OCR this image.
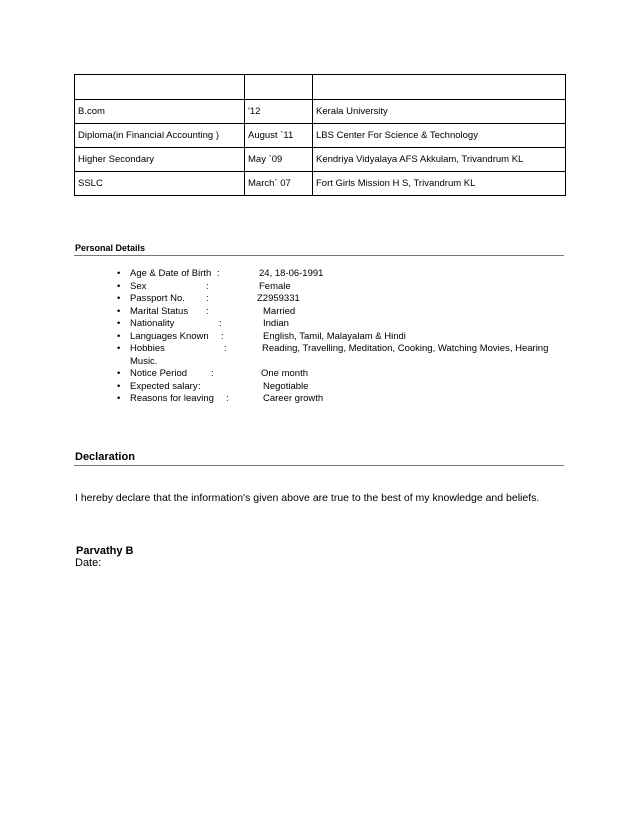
B.com	'12	Kerala University
Diploma(in Financial Accounting )	August `11	LBS Center For Science & Technology
Higher Secondary	May `09	Kendriya Vidyalaya AFS Akkulam, Trivandrum KL
SSLC	March` 07	Fort Girls Mission H S, Trivandrum KL
Personal Details
•	Age & Date of Birth :	24, 18-06-1991
•	Sex	:	Female
•	Passport No. :	Z2959331
•	Marital Status :	Married
•	Nationality	:	Indian
•	Languages Known :	English, Tamil, Malayalam & Hindi
•	Hobbies	:	Reading, Travelling, Meditation, Cooking, Watching Movies, Hearing Music.
•	Notice Period	:	One month
•	Expected salary :	Negotiable
•	Reasons for leaving :	Career growth
Declaration
I hereby declare that the information's given above are true to the best of my knowledge and beliefs.
Parvathy B
Date:
